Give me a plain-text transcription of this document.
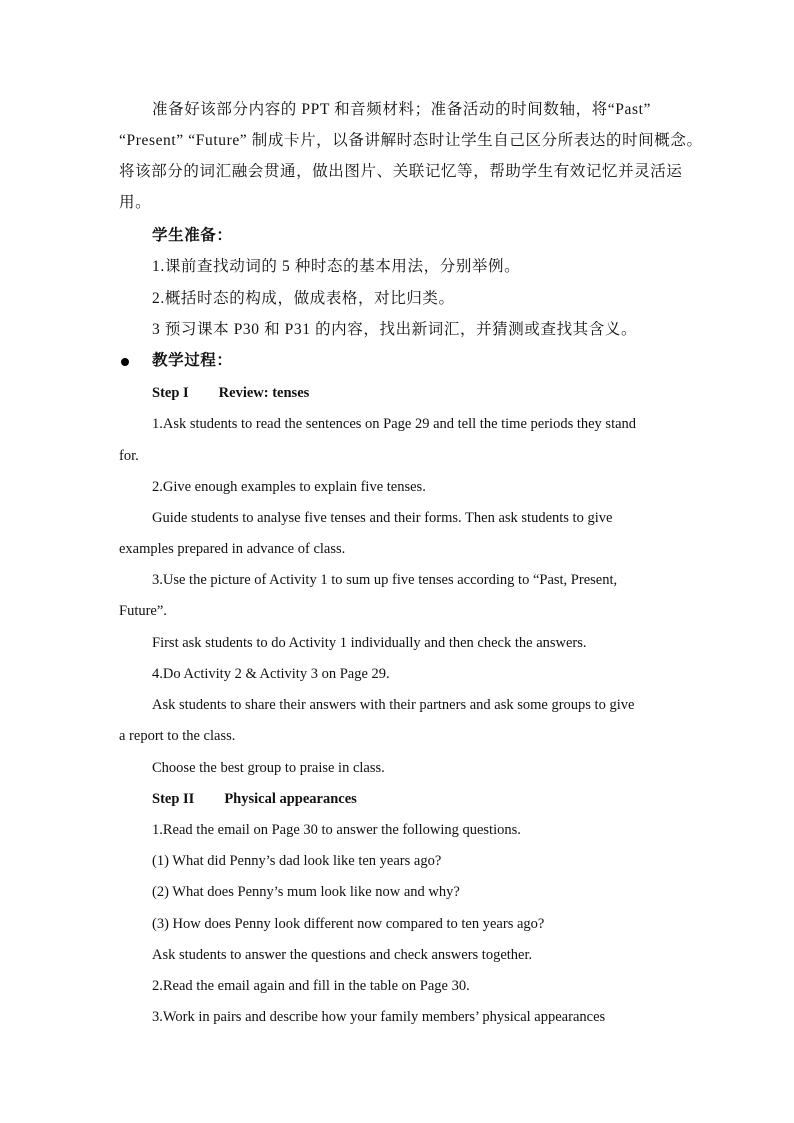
准备好该部分内容的 PPT 和音频材料；准备活动的时间数轴，将“Past”
“Present” “Future” 制成卡片，以备讲解时态时让学生自己区分所表达的时间概念。
将该部分的词汇融会贯通，做出图片、关联记忆等，帮助学生有效记忆并灵活运
用。
学生准备：
1.课前查找动词的 5 种时态的基本用法，分别举例。
2.概括时态的构成，做成表格，对比归类。
3 预习课本 P30 和 P31 的内容，找出新词汇，并猜测或查找其含义。
教学过程：
Step I Review: tenses
1.Ask students to read the sentences on Page 29 and tell the time periods they stand
for.
2.Give enough examples to explain five tenses.
Guide students to analyse five tenses and their forms. Then ask students to give
examples prepared in advance of class.
3.Use the picture of Activity 1 to sum up five tenses according to “Past, Present,
Future”.
First ask students to do Activity 1 individually and then check the answers.
4.Do Activity 2 & Activity 3 on Page 29.
Ask students to share their answers with their partners and ask some groups to give
a report to the class.
Choose the best group to praise in class.
Step II Physical appearances
1.Read the email on Page 30 to answer the following questions.
(1) What did Penny’s dad look like ten years ago?
(2) What does Penny’s mum look like now and why?
(3) How does Penny look different now compared to ten years ago?
Ask students to answer the questions and check answers together.
2.Read the email again and fill in the table on Page 30.
3.Work in pairs and describe how your family members’ physical appearances
